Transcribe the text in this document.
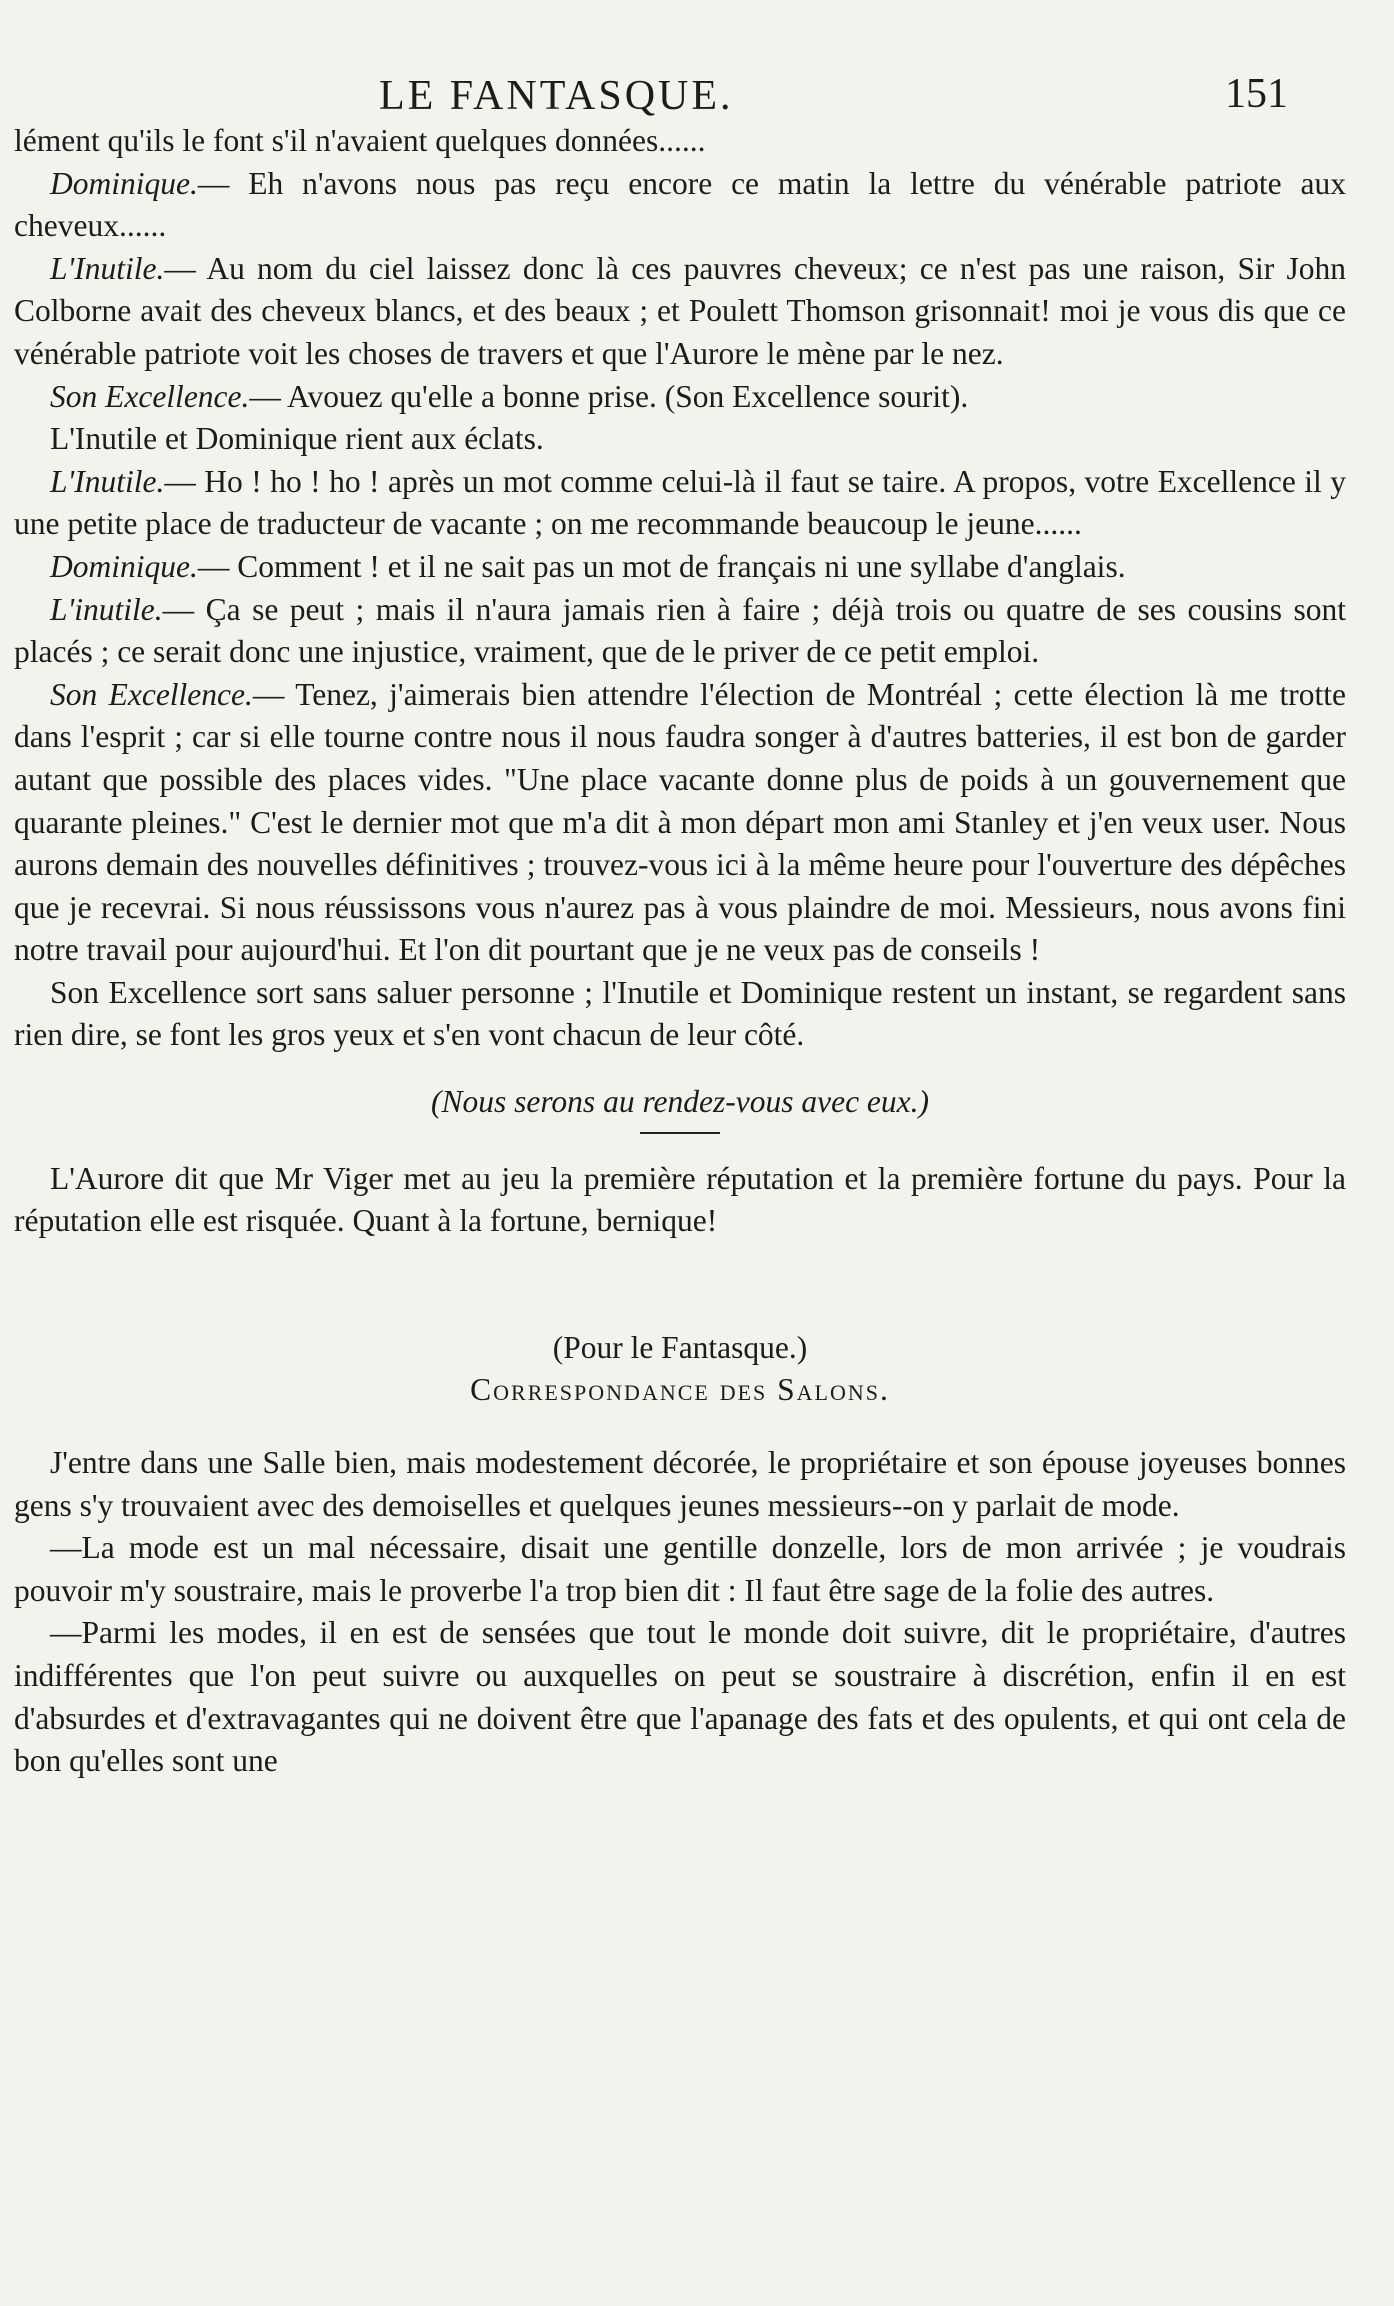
LE FANTASQUE.	151

lément qu'ils le font s'il n'avaient quelques données......

Dominique.— Eh n'avons nous pas reçu encore ce matin la lettre du vénérable patriote aux cheveux......

L'Inutile.— Au nom du ciel laissez donc là ces pauvres cheveux; ce n'est pas une raison, Sir John Colborne avait des cheveux blancs, et des beaux ; et Poulett Thomson grisonnait! moi je vous dis que ce vénérable patriote voit les choses de travers et que l'Aurore le mène par le nez.

Son Excellence.— Avouez qu'elle a bonne prise. (Son Excellence sourit).

L'Inutile et Dominique rient aux éclats.

L'Inutile.— Ho ! ho ! ho ! après un mot comme celui-là il faut se taire. A propos, votre Excellence il y une petite place de traducteur de vacante ; on me recommande beaucoup le jeune......

Dominique.— Comment ! et il ne sait pas un mot de français ni une syllabe d'anglais.

L'inutile.— Ça se peut ; mais il n'aura jamais rien à faire ; déjà trois ou quatre de ses cousins sont placés ; ce serait donc une injustice, vraiment, que de le priver de ce petit emploi.

Son Excellence.— Tenez, j'aimerais bien attendre l'élection de Montréal ; cette élection là me trotte dans l'esprit ; car si elle tourne contre nous il nous faudra songer à d'autres batteries, il est bon de garder autant que possible des places vides. "Une place vacante donne plus de poids à un gouvernement que quarante pleines." C'est le dernier mot que m'a dit à mon départ mon ami Stanley et j'en veux user. Nous aurons demain des nouvelles définitives ; trouvez-vous ici à la même heure pour l'ouverture des dépêches que je recevrai. Si nous réussissons vous n'aurez pas à vous plaindre de moi. Messieurs, nous avons fini notre travail pour aujourd'hui. Et l'on dit pourtant que je ne veux pas de conseils !

Son Excellence sort sans saluer personne ; l'Inutile et Dominique restent un instant, se regardent sans rien dire, se font les gros yeux et s'en vont chacun de leur côté.

(Nous serons au rendez-vous avec eux.)

L'Aurore dit que Mr Viger met au jeu la première réputation et la première fortune du pays. Pour la réputation elle est risquée. Quant à la fortune, bernique!

(Pour le Fantasque.)

Correspondance des Salons.

J'entre dans une Salle bien, mais modestement décorée, le propriétaire et son épouse joyeuses bonnes gens s'y trouvaient avec des demoiselles et quelques jeunes messieurs--on y parlait de mode.

—La mode est un mal nécessaire, disait une gentille donzelle, lors de mon arrivée ; je voudrais pouvoir m'y soustraire, mais le proverbe l'a trop bien dit : Il faut être sage de la folie des autres.

—Parmi les modes, il en est de sensées que tout le monde doit suivre, dit le propriétaire, d'autres indifférentes que l'on peut suivre ou auxquelles on peut se soustraire à discrétion, enfin il en est d'absurdes et d'extravagantes qui ne doivent être que l'apanage des fats et des opulents, et qui ont cela de bon qu'elles sont une
